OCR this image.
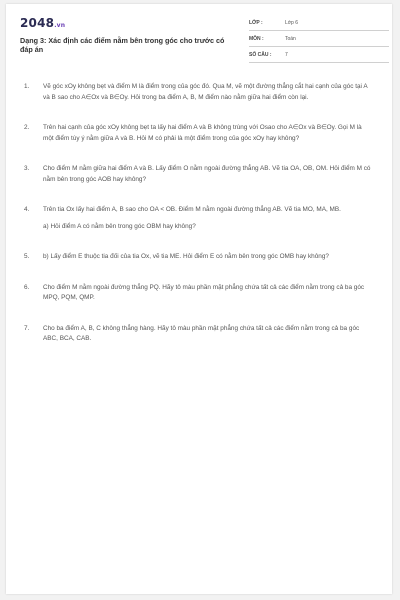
2048.vn
Dạng 3: Xác định các điểm nằm bên trong góc cho trước có đáp án
LỚP :	Lớp 6
MÔN :	Toán
SỐ CÂU :	7
1.	Vẽ góc xOy không bẹt và điểm M là điểm trong của góc đó. Qua M, vẽ một đường thẳng cắt hai cạnh của góc tại A và B sao cho A∈Ox và B∈Oy. Hỏi trong ba điểm A, B, M điểm nào nằm giữa hai điểm còn lại.
2.	Trên hai cạnh của góc xOy không bẹt ta lấy hai điểm A và B không trùng với Osao cho A∈Ox và B∈Oy. Gọi M là một điểm tùy ý nằm giữa A và B. Hỏi M có phải là một điểm trong của góc xOy hay không?
3.	Cho điểm M nằm giữa hai điểm A và B. Lấy điểm O nằm ngoài đường thẳng AB. Vẽ tia OA, OB, OM. Hỏi điểm M có nằm bên trong góc AOB hay không?
4.	Trên tia Ox lấy hai điểm A, B sao cho OA < OB. Điểm M nằm ngoài đường thẳng AB. Vẽ tia MO, MA, MB.
a) Hỏi điểm A có nằm bên trong góc OBM hay không?
5.	b) Lấy điểm E thuộc tia đối của tia Ox, vẽ tia ME. Hỏi điểm E có nằm bên trong góc OMB hay không?
6.	Cho điểm M nằm ngoài đường thẳng PQ. Hãy tô màu phần mặt phẳng chứa tất cả các điểm nằm trong cả ba góc MPQ, PQM, QMP.
7.	Cho ba điểm A, B, C không thẳng hàng. Hãy tô màu phần mặt phẳng chứa tất cả các điểm nằm trong cả ba góc ABC, BCA, CAB.
